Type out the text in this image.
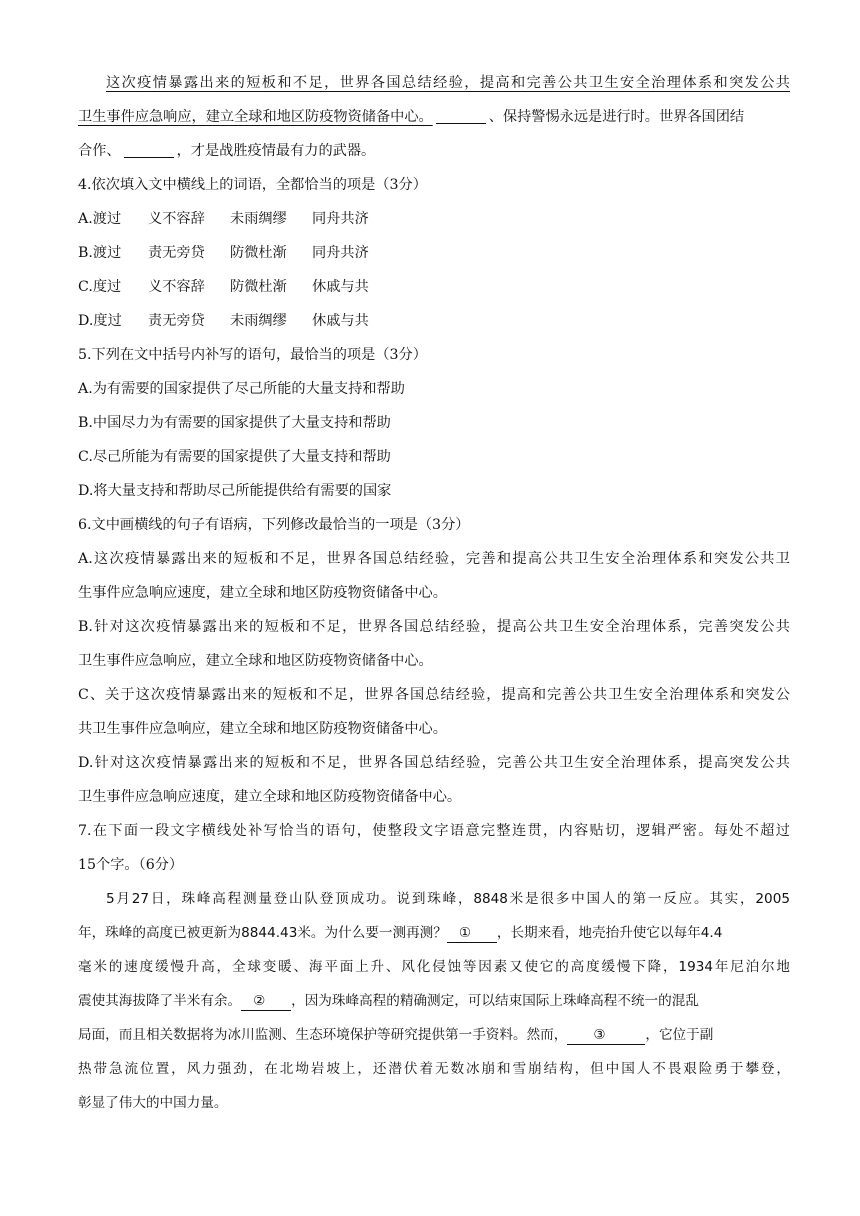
这次疫情暴露出来的短板和不足，世界各国总结经验，提高和完善公共卫生安全治理体系和突发公共
卫生事件应急响应，建立全球和地区防疫物资储备中心。	、保持警惕永远是进行时。世界各国团结
合作、	，才是战胜疫情最有力的武器。
4.依次填入文中横线上的词语，全都恰当的项是（3分）
A.渡过 义不容辞 未雨绸缪 同舟共济
B.渡过 责无旁贷 防微杜渐 同舟共济
C.度过 义不容辞 防微杜渐 休戚与共
D.度过 责无旁贷 未雨绸缪 休戚与共
5.下列在文中括号内补写的语句，最恰当的项是（3分）
A.为有需要的国家提供了尽己所能的大量支持和帮助
B.中国尽力为有需要的国家提供了大量支持和帮助
C.尽己所能为有需要的国家提供了大量支持和帮助
D.将大量支持和帮助尽己所能提供给有需要的国家
6.文中画横线的句子有语病，下列修改最恰当的一项是（3分）
A.这次疫情暴露出来的短板和不足，世界各国总结经验，完善和提高公共卫生安全治理体系和突发公共卫
生事件应急响应速度，建立全球和地区防疫物资储备中心。
B.针对这次疫情暴露出来的短板和不足，世界各国总结经验，提高公共卫生安全治理体系，完善突发公共
卫生事件应急响应，建立全球和地区防疫物资储备中心。
C、关于这次疫情暴露出来的短板和不足，世界各国总结经验，提高和完善公共卫生安全治理体系和突发公
共卫生事件应急响应，建立全球和地区防疫物资储备中心。
D.针对这次疫情暴露出来的短板和不足，世界各国总结经验，完善公共卫生安全治理体系，提高突发公共
卫生事件应急响应速度，建立全球和地区防疫物资储备中心。
7.在下面一段文字横线处补写恰当的语句，使整段文字语意完整连贯，内容贴切，逻辑严密。每处不超过
15个字。（6分）
5月27日，珠峰高程测量登山队登顶成功。说到珠峰，8848米是很多中国人的第一反应。其实，2005
年，珠峰的高度已被更新为8844.43米。为什么要一测再测？ ① ，长期来看，地壳抬升使它以每年4.4
毫米的速度缓慢升高，全球变暖、海平面上升、风化侵蚀等因素又使它的高度缓慢下降，1934年尼泊尔地
震使其海拔降了半米有余。 ② ，因为珠峰高程的精确测定，可以结束国际上珠峰高程不统一的混乱
局面，而且相关数据将为冰川监测、生态环境保护等研究提供第一手资料。然而， ③	，它位于副
热带急流位置，风力强劲，在北坳岩坡上，还潜伏着无数冰崩和雪崩结构，但中国人不畏艰险勇于攀登，
彰显了伟大的中国力量。
